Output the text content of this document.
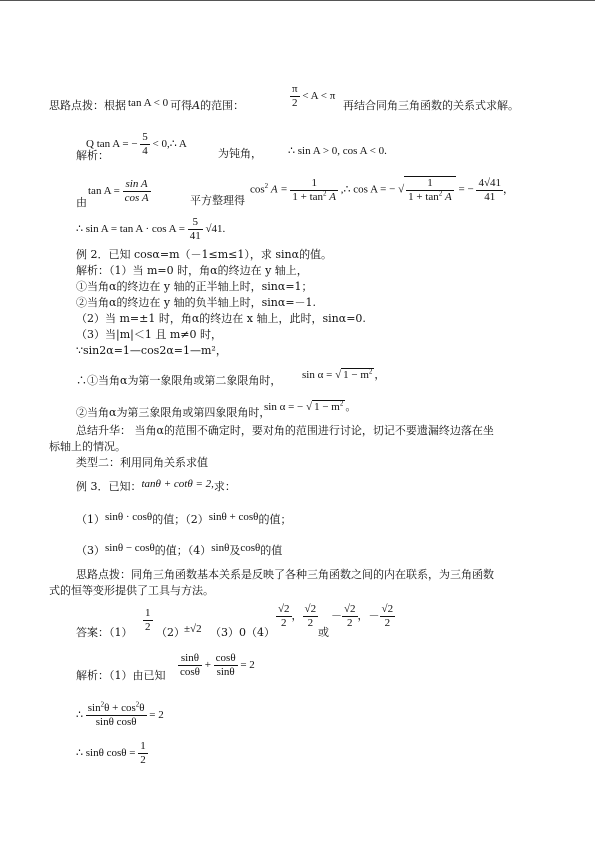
思路点拨：根据 tan A < 0 可得A的范围：	$\frac{\pi}{2} < A < \pi$
再结合同角三角函数的关系式求解。
Q tan A = − $\frac{5}{4}$ < 0,∴ A
解析：	为钝角， ∴ sin A > 0, cos A < 0.
$\tan A = \frac{\text{sin A}}{\text{cos A}}$
由	平方整理得
$\cos^2 A = \frac{1}{1 + \tan^2 A}$ ,∴ cos A = − √ $\frac{1}{1 + \tan^2 A}$ = − $\frac{4√41}{41}$ ，
∴ $\sin A = \tan A \cdot \cos A = \frac{5}{41} √41$.
例 2．已知 cosα=m（－1≤m≤1），求 sinα的值。
解析：（1）当 m=0 时，角α的终边在 y 轴上，
①当角α的终边在 y 轴的正半轴上时，sinα=1；
②当角α的终边在 y 轴的负半轴上时，sinα=－1.
（2）当 m=±1 时，角α的终边在 x 轴上，此时，sinα=0.
（3）当|m|＜1 且 m≠0 时，
∵sin2α=1—cos2α=1—m²，
∴①当角α为第一象限角或第二象限角时， sin α = √ $1 - m^2$ ，
②当角α为第三象限角或第四象限角时，
sin α = − √ $1 - m^2$ 。
总结升华： 当角α的范围不确定时，要对角的范围进行讨论，切记不要遗漏终边落在坐
标轴上的情况。
类型二：利用同角关系求值
例 3．已知：tanθ + cotθ = 2,求：
（1）sinθ · cosθ的值；（2）sinθ + cosθ的值；
（3）sinθ − cosθ的值；（4）sinθ及cosθ的值
思路点拨：同角三角函数基本关系是反映了各种三角函数之间的内在联系，为三角函数
式的恒等变形提供了工具与方法。
答案：$(1) \frac{1}{2} (2) \pm√2$ （3）0（4）
$\frac{√2}{2}$ ， $\frac{√2}{2}$
或
－ $\frac{√2}{2}$ ，－ $\frac{√2}{2}$
解析：（1）由已知 $\frac{\sin\theta}{\cos\theta} + \frac{\cos\theta}{\sin\theta} = 2$
∴ $\frac{\sin^2\theta + \cos^2\theta}{\text{sinθ cosθ}} = 2$
∴ sinθ $\cos\theta = \frac{1}{2}$
